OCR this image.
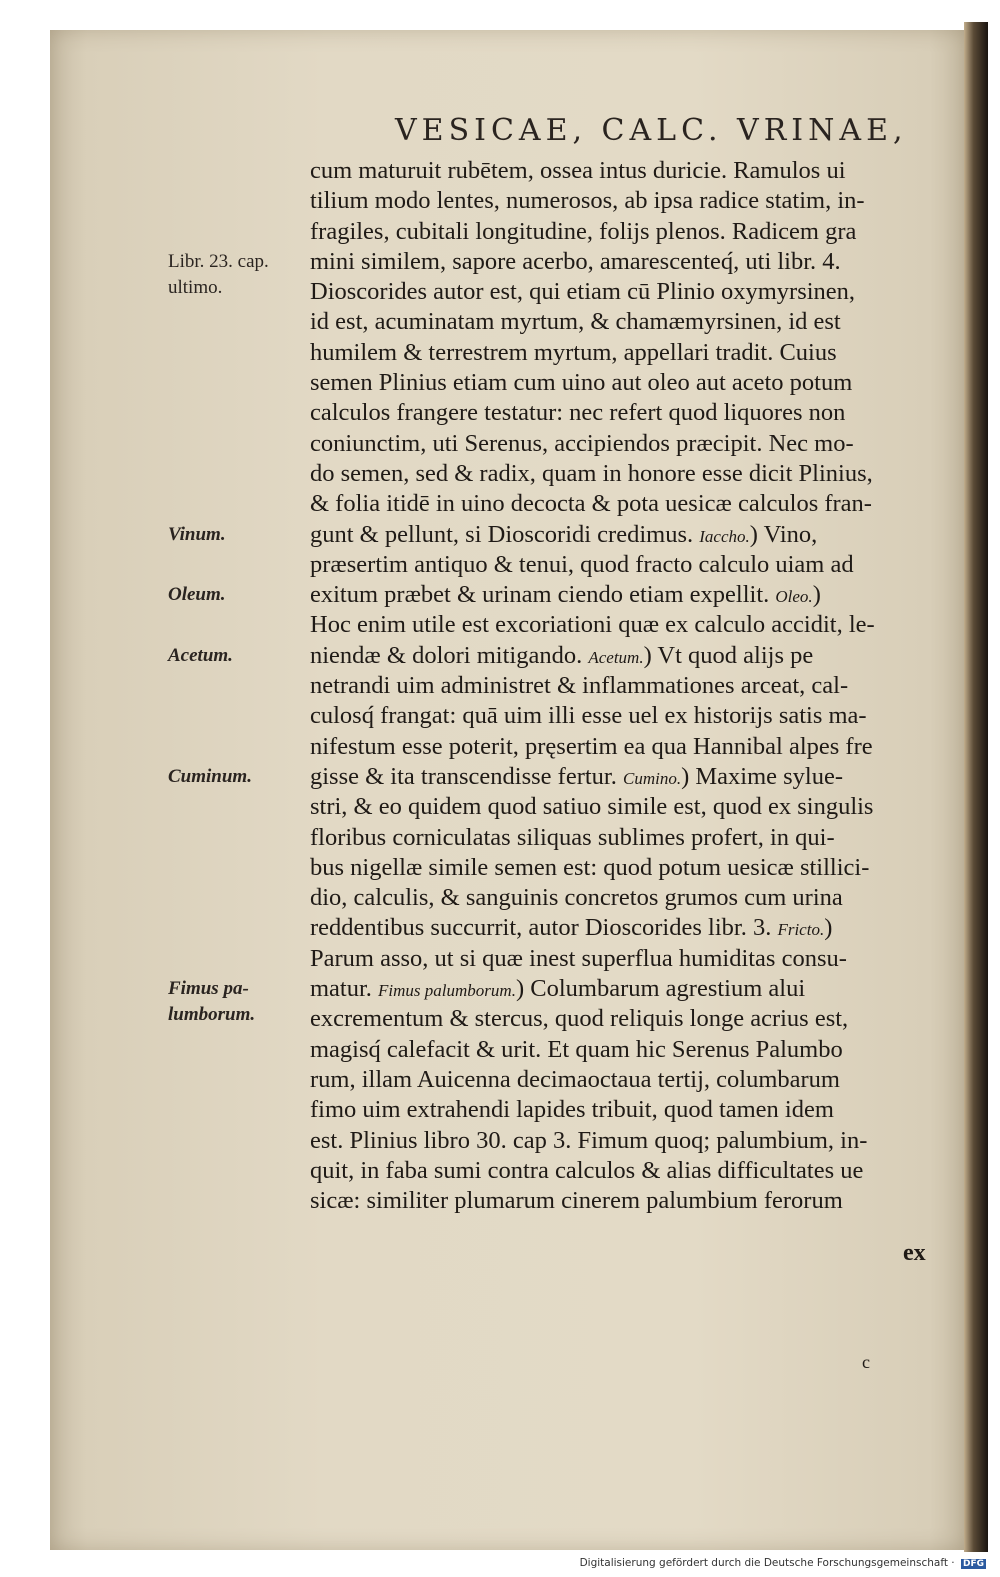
VESICAE, CALC. VRINAE,
cum maturuit rubētem, ossea intus duricie. Ramulos ui
tilium modo lentes, numerosos, ab ipsa radice statim, in-
fragiles, cubitali longitudine, folijs plenos. Radicem gra
mini similem, sapore acerbo, amarescenteq́, uti libr. 4.
Dioscorides autor est, qui etiam cū Plinio oxymyrsinen,
id est, acuminatam myrtum, & chamæmyrsinen, id est
humilem & terrestrem myrtum, appellari tradit. Cuius
semen Plinius etiam cum uino aut oleo aut aceto potum
calculos frangere testatur: nec refert quod liquores non
coniunctim, uti Serenus, accipiendos præcipit. Nec mo-
do semen, sed & radix, quam in honore esse dicit Plinius,
& folia itidē in uino decocta & pota uesicæ calculos fran-
gunt & pellunt, si Dioscoridi credimus. Iaccho.) Vino,
præsertim antiquo & tenui, quod fracto calculo uiam ad
exitum præbet & urinam ciendo etiam expellit. Oleo.)
Hoc enim utile est excoriationi quæ ex calculo accidit, le-
niendæ & dolori mitigando. Acetum.) Vt quod alijs pe
netrandi uim administret & inflammationes arceat, cal-
culosq́ frangat: quā uim illi esse uel ex historijs satis ma-
nifestum esse poterit, pręsertim ea qua Hannibal alpes fre
gisse & ita transcendisse fertur. Cumino.) Maxime sylue-
stri, & eo quidem quod satiuo simile est, quod ex singulis
floribus corniculatas siliquas sublimes profert, in qui-
bus nigellæ simile semen est: quod potum uesicæ stillici-
dio, calculis, & sanguinis concretos grumos cum urina
reddentibus succurrit, autor Dioscorides libr. 3. Fricto.)
Parum asso, ut si quæ inest superflua humiditas consu-
matur. Fimus palumborum.) Columbarum agrestium alui
excrementum & stercus, quod reliquis longe acrius est,
magisq́ calefacit & urit. Et quam hic Serenus Palumbo
rum, illam Auicenna decimaoctaua tertij, columbarum
fimo uim extrahendi lapides tribuit, quod tamen idem
est. Plinius libro 30. cap 3. Fimum quoq; palumbium, in-
quit, in faba sumi contra calculos & alias difficultates ue
sicæ: similiter plumarum cinerem palumbium ferorum
Libr. 23. cap.
ultimo.
Vinum.
Oleum.
Acetum.
Cuminum.
Fimus pa-
lumborum.
ex
c
Digitalisierung gefördert durch die Deutsche Forschungsgemeinschaft · DFG
